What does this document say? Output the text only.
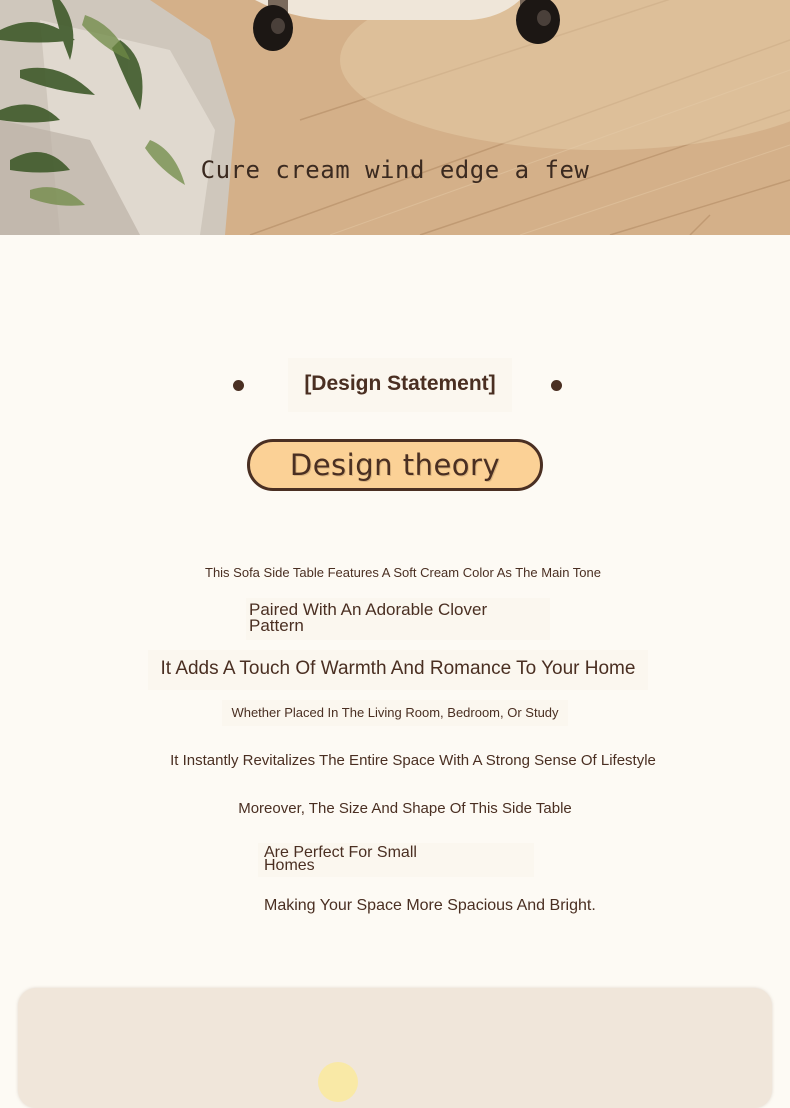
Cure cream wind edge a few
[Design Statement]
Design theory
This Sofa Side Table Features A Soft Cream Color As The Main Tone
Paired With An Adorable Clover Pattern
It Adds A Touch Of Warmth And Romance To Your Home
Whether Placed In The Living Room, Bedroom, Or Study
It Instantly Revitalizes The Entire Space With A Strong Sense Of Lifestyle
Moreover, The Size And Shape Of This Side Table
Are Perfect For Small Homes
Making Your Space More Spacious And Bright.
